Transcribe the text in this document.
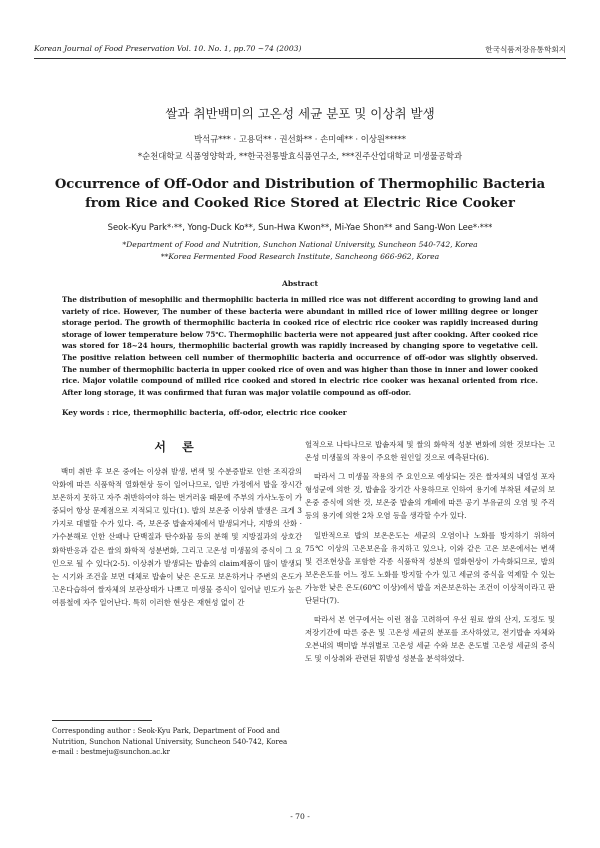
Korean Journal of Food Preservation Vol. 10. No. 1, pp.70 ~74 (2003)	한국식품저장유통학회지
쌀과 취반백미의 고온성 세균 분포 및 이상취 발생
박석규*** · 고용덕** · 권선화** · 손미예** · 이상원*****
*순천대학교 식품영양학과, **한국전통발효식품연구소, ***진주산업대학교 미생물공학과
Occurrence of Off-Odor and Distribution of Thermophilic Bacteria from Rice and Cooked Rice Stored at Electric Rice Cooker
Seok-Kyu Park*·**, Yong-Duck Ko**, Sun-Hwa Kwon**, Mi-Yae Shon** and Sang-Won Lee*·***
*Department of Food and Nutrition, Sunchon National University, Suncheon 540-742, Korea
**Korea Fermented Food Research Institute, Sancheong 666-962, Korea
Abstract

The distribution of mesophilic and thermophilic bacteria in milled rice was not different according to growing land and variety of rice. However, The number of these bacteria were abundant in milled rice of lower milling degree or longer storage period. The growth of thermophilic bacteria in cooked rice of electric rice cooker was rapidly increased during storage of lower temperature below 75℃. Thermophilic bacteria were not appeared just after cooking. After cooked rice was stored for 18~24 hours, thermophilic bacterial growth was rapidly increased by changing spore to vegetative cell. The positive relation between cell number of thermophilic bacteria and occurrence of off-odor was slightly observed. The number of thermophilic bacteria in upper cooked rice of oven and was higher than those in inner and lower cooked rice. Major volatile compound of milled rice cooked and stored in electric rice cooker was hexanal oriented from rice. After long storage, it was confirmed that furan was major volatile compound as off-odor.

Key words : rice, thermophilic bacteria, off-odor, electric rice cooker
서 론

백미 취반 후 보온 중에는 이상취 발생, 변색 및 수분증발로 인한 조직감의 악화에 따른 식품학적 열화현상 등이 일어나므로, 일반 가정에서 밥을 장시간 보온하지 못하고 자주 취반하여야 하는 번거러움 때문에 주부의 가사노동이 가중되어 항상 문제점으로 지적되고 있다(1). 밥의 보온중 이상취 발생은 크게 3가지로 대별할 수가 있다. 즉, 보온중 밥솥자체에서 발생되거나, 지방의 산화 · 가수분해로 인한 산패나 단백질과 탄수화물 등의 분해 및 지방질과의 상호간 화학반응과 같은 쌀의 화학적 성분변화, 그리고 고온성 미생물의 증식이 그 요인으로 될 수 있다(2-5). 이상취가 발생되는 밥솥의 claim제품이 많이 발생되는 시기와 조건을 보면 대체로 밥솥이 낮은 온도로 보온하거나 주변의 온도가 고온다습하여 쌀자체의 보관상태가 나쁘고 미생물 증식이 일어날 빈도가 높은 여름철에 자주 일어난다. 특히 이러한 현상은 재현성 없이 간

헐적으로 나타나므로 밥솥자체 및 쌀의 화학적 성분 변화에 의한 것보다는 고온성 미생물의 작용이 주요한 원인일 것으로 예측된다(6).

따라서 그 미생물 작용의 주 요인으로 예상되는 것은 쌀자체의 내열성 포자형성균에 의한 것, 밥솥을 장기간 사용하므로 인하여 용기에 부착된 세균의 보온중 증식에 의한 것, 보온중 밥솥의 개폐에 따른 공기 부유균의 오염 및 주걱 등의 용기에 의한 2차 오염 등을 생각할 수가 있다.

일반적으로 밥의 보온온도는 세균의 오염이나 노화를 방지하기 위하여 75℃ 이상의 고온보온을 유지하고 있으나, 이와 같은 고온 보온에서는 변색 및 건조현상을 포함한 각종 식품학적 성분의 열화현상이 가속화되므로, 밥의 보온온도를 어느 정도 노화를 방지할 수가 있고 세균의 증식을 억제할 수 있는 가능한 낮은 온도(60℃ 이상)에서 밥을 저온보온하는 조건이 이상적이라고 판단된다(7).

따라서 본 연구에서는 이런 점을 고려하여 우선 원료 쌀의 산지, 도정도 및 저장기간에 따른 중온 및 고온성 세균의 분포를 조사하였고, 전기밥솥 자체와 오븐내의 백미밥 부위별로 고온성 세균 수와 보온 온도별 고온성 세균의 증식도 및 이상취와 관련된 휘발성 성분을 분석하였다.

Corresponding author : Seok-Kyu Park, Department of Food and Nutrition, Sunchon National University, Suncheon 540-742, Korea
e-mail : bestmeju@sunchon.ac.kr

- 70 -
